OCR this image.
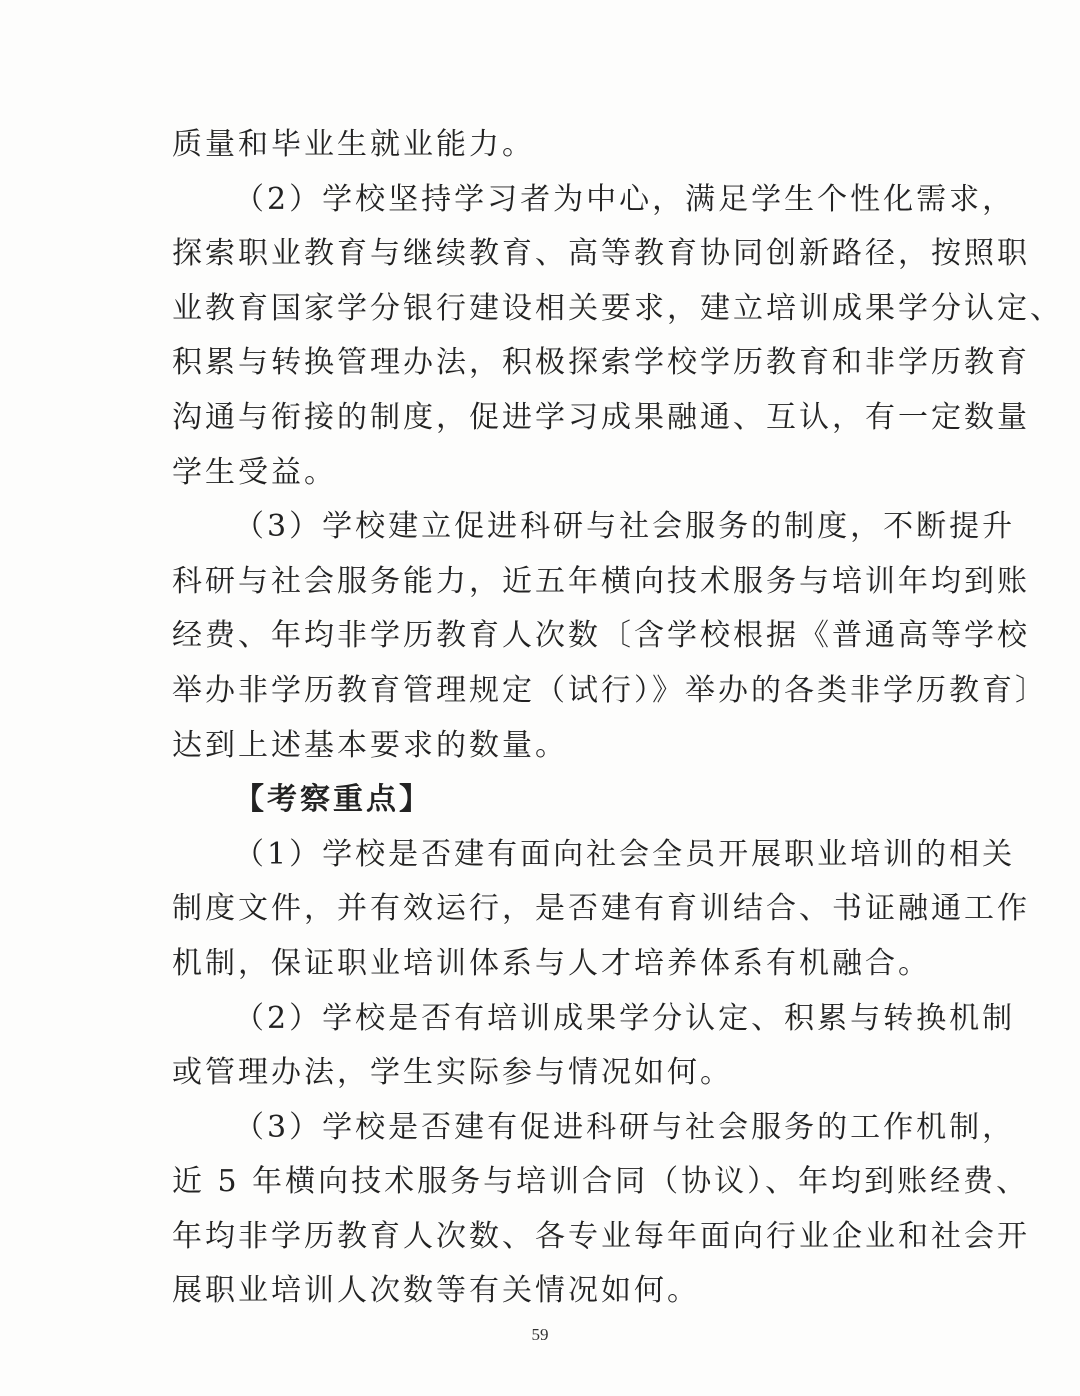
质量和毕业生就业能力。
（2）学校坚持学习者为中心，满足学生个性化需求，
探索职业教育与继续教育、高等教育协同创新路径，按照职
业教育国家学分银行建设相关要求，建立培训成果学分认定、
积累与转换管理办法，积极探索学校学历教育和非学历教育
沟通与衔接的制度，促进学习成果融通、互认，有一定数量
学生受益。
（3）学校建立促进科研与社会服务的制度，不断提升
科研与社会服务能力，近五年横向技术服务与培训年均到账
经费、年均非学历教育人次数〔含学校根据《普通高等学校
举办非学历教育管理规定（试行）》举办的各类非学历教育〕
达到上述基本要求的数量。
【考察重点】
（1）学校是否建有面向社会全员开展职业培训的相关
制度文件，并有效运行，是否建有育训结合、书证融通工作
机制，保证职业培训体系与人才培养体系有机融合。
（2）学校是否有培训成果学分认定、积累与转换机制
或管理办法，学生实际参与情况如何。
（3）学校是否建有促进科研与社会服务的工作机制，
近 5 年横向技术服务与培训合同（协议）、年均到账经费、
年均非学历教育人次数、各专业每年面向行业企业和社会开
展职业培训人次数等有关情况如何。
59
